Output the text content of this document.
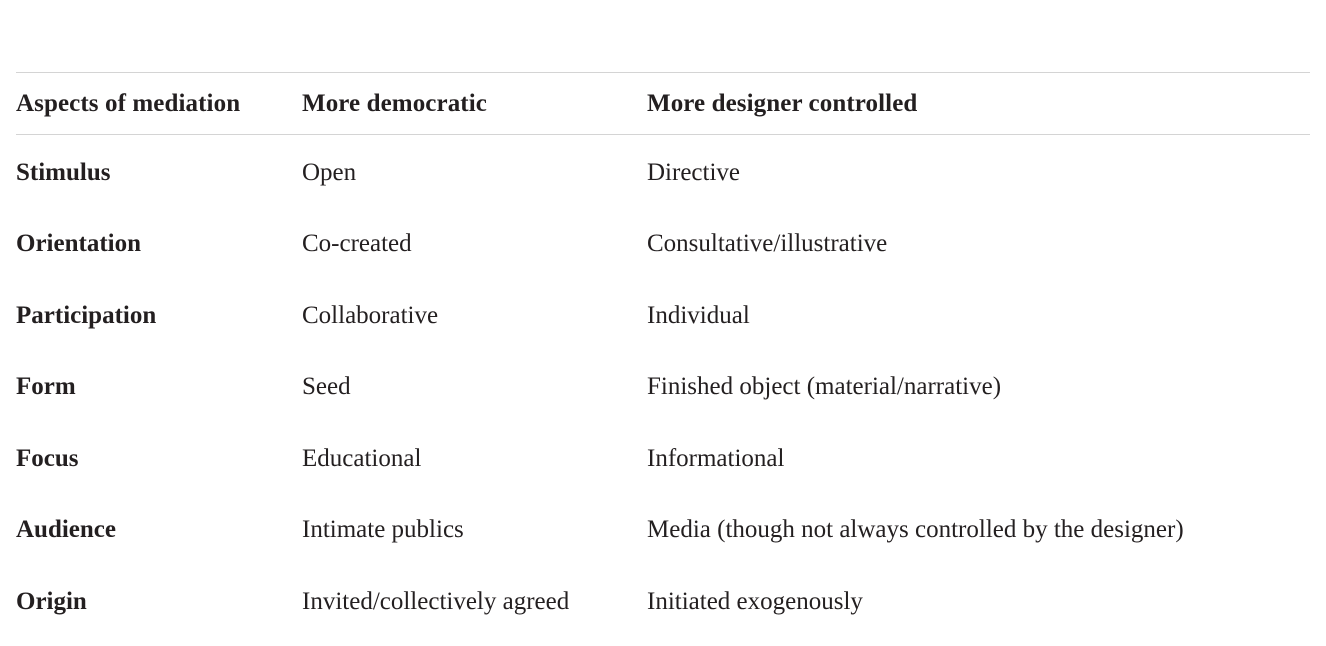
Aspects of mediation	More democratic	More designer controlled
Stimulus	Open	Directive
Orientation	Co-created	Consultative/illustrative
Participation	Collaborative	Individual
Form	Seed	Finished object (material/narrative)
Focus	Educational	Informational
Audience	Intimate publics	Media (though not always controlled by the designer)
Origin	Invited/collectively agreed	Initiated exogenously
